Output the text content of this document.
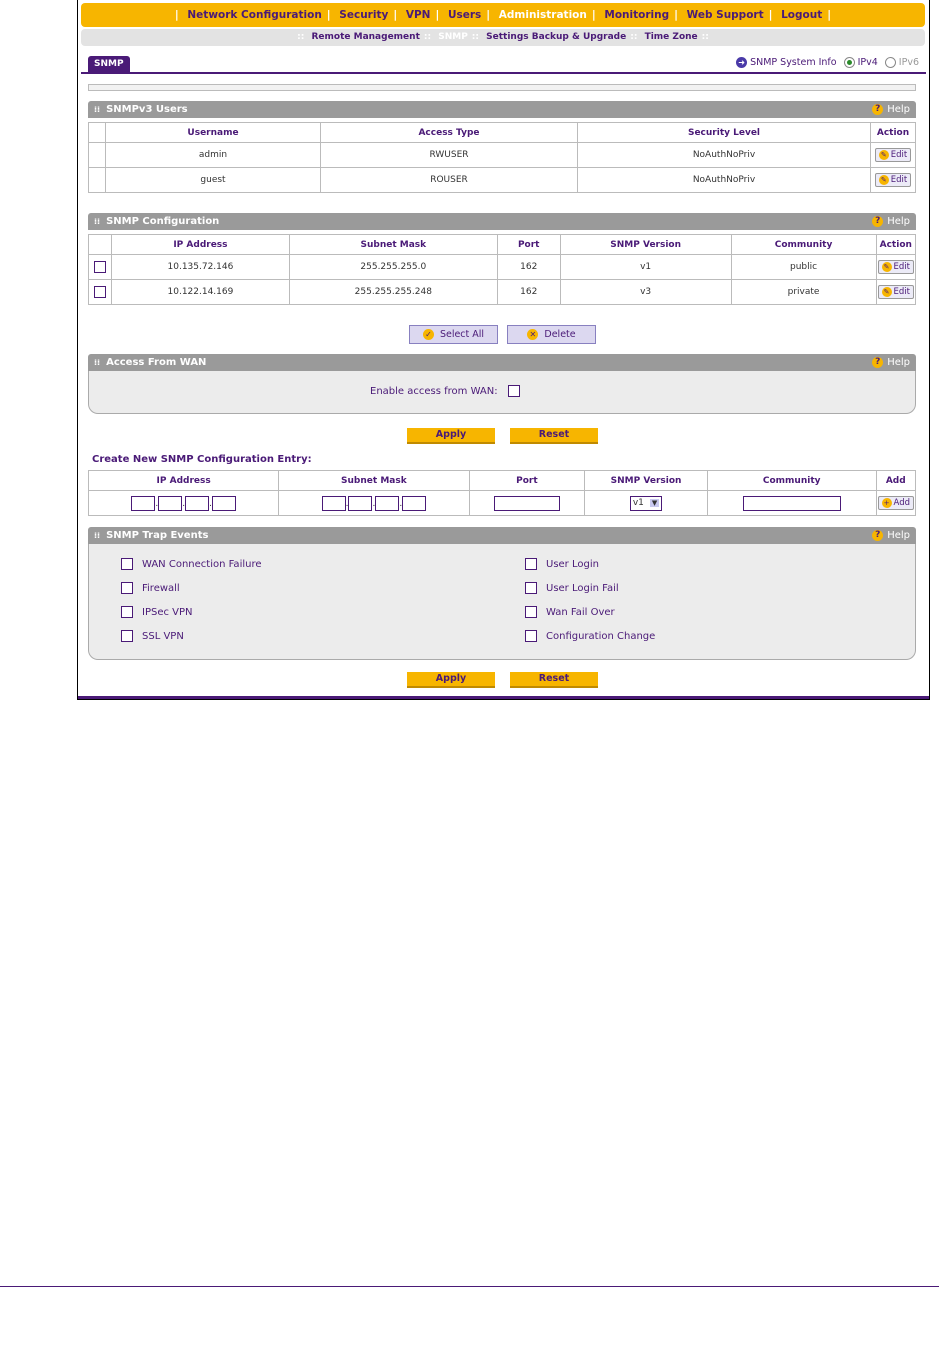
| Network Configuration | Security | VPN | Users | Administration | Monitoring | Web Support | Logout |
:: Remote Management :: SNMP :: Settings Backup & Upgrade :: Time Zone ::
SNMP	➜ SNMP System Info IPv4 IPv6
⁞⁞ SNMPv3 Users	? Help
	Username	Access Type	Security Level	Action
	admin	RWUSER	NoAuthNoPriv	✎ Edit

	guest	ROUSER	NoAuthNoPriv	✎ Edit
⁞⁞ SNMP Configuration	? Help
	IP Address	Subnet Mask	Port	SNMP Version	Community	Action
	10.135.72.146	255.255.255.0	162	v1	public	✎ Edit

	10.122.14.169	255.255.255.248	162	v3	private	✎ Edit
✓ Select All	✕ Delete
⁞⁞ Access From WAN	? Help
Enable access from WAN:
Apply	Reset
Create New SNMP Configuration Entry:
IP Address	Subnet Mask	Port	SNMP Version	Community	Add
. . .	. . .		v1 ▼		+ Add
⁞⁞ SNMP Trap Events	? Help
WAN Connection Failure
Firewall
IPSec VPN
SSL VPN
User Login
User Login Fail
Wan Fail Over
Configuration Change
Apply	Reset
